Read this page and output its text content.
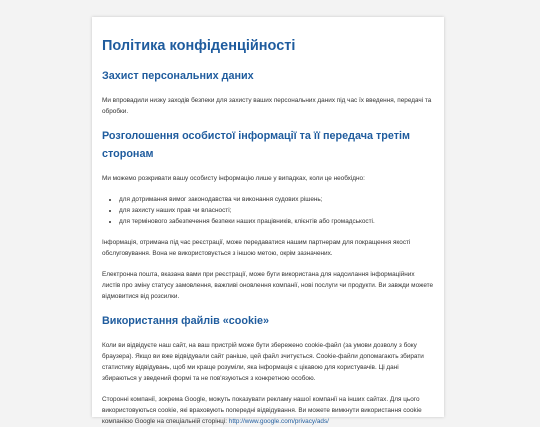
Політика конфіденційності
Захист персональних даних

Ми впровадили низку заходів безпеки для захисту ваших персональних даних під час їх введення, передачі та обробки.

Розголошення особистої інформації та її передача третім сторонам

Ми можемо розкривати вашу особисту інформацію лише у випадках, коли це необхідно:

• для дотримання вимог законодавства чи виконання судових рішень;
• для захисту наших прав чи власності;
• для термінового забезпечення безпеки наших працівників, клієнтів або громадськості.

Інформація, отримана під час реєстрації, може передаватися нашим партнерам для покращення якості обслуговування. Вона не використовується з іншою метою, окрім зазначених.

Електронна пошта, вказана вами при реєстрації, може бути використана для надсилання інформаційних листів про зміну статусу замовлення, важливі оновлення компанії, нові послуги чи продукти. Ви завжди можете відмовитися від розсилки.

Використання файлів «cookie»

Коли ви відвідуєте наш сайт, на ваш пристрій може бути збережено cookie-файл (за умови дозволу з боку браузера). Якщо ви вже відвідували сайт раніше, цей файл зчитується. Cookie-файли допомагають збирати статистику відвідувань, щоб ми краще розуміли, яка інформація є цікавою для користувачів. Ці дані збираються у зведений формі та не пов'язуються з конкретною особою.

Сторонні компанії, зокрема Google, можуть показувати рекламу нашої компанії на інших сайтах. Для цього використовуються cookie, які враховують попередні відвідування. Ви можете вимкнути використання cookie компанією Google на спеціальній сторінці: http://www.google.com/privacy/ads/
